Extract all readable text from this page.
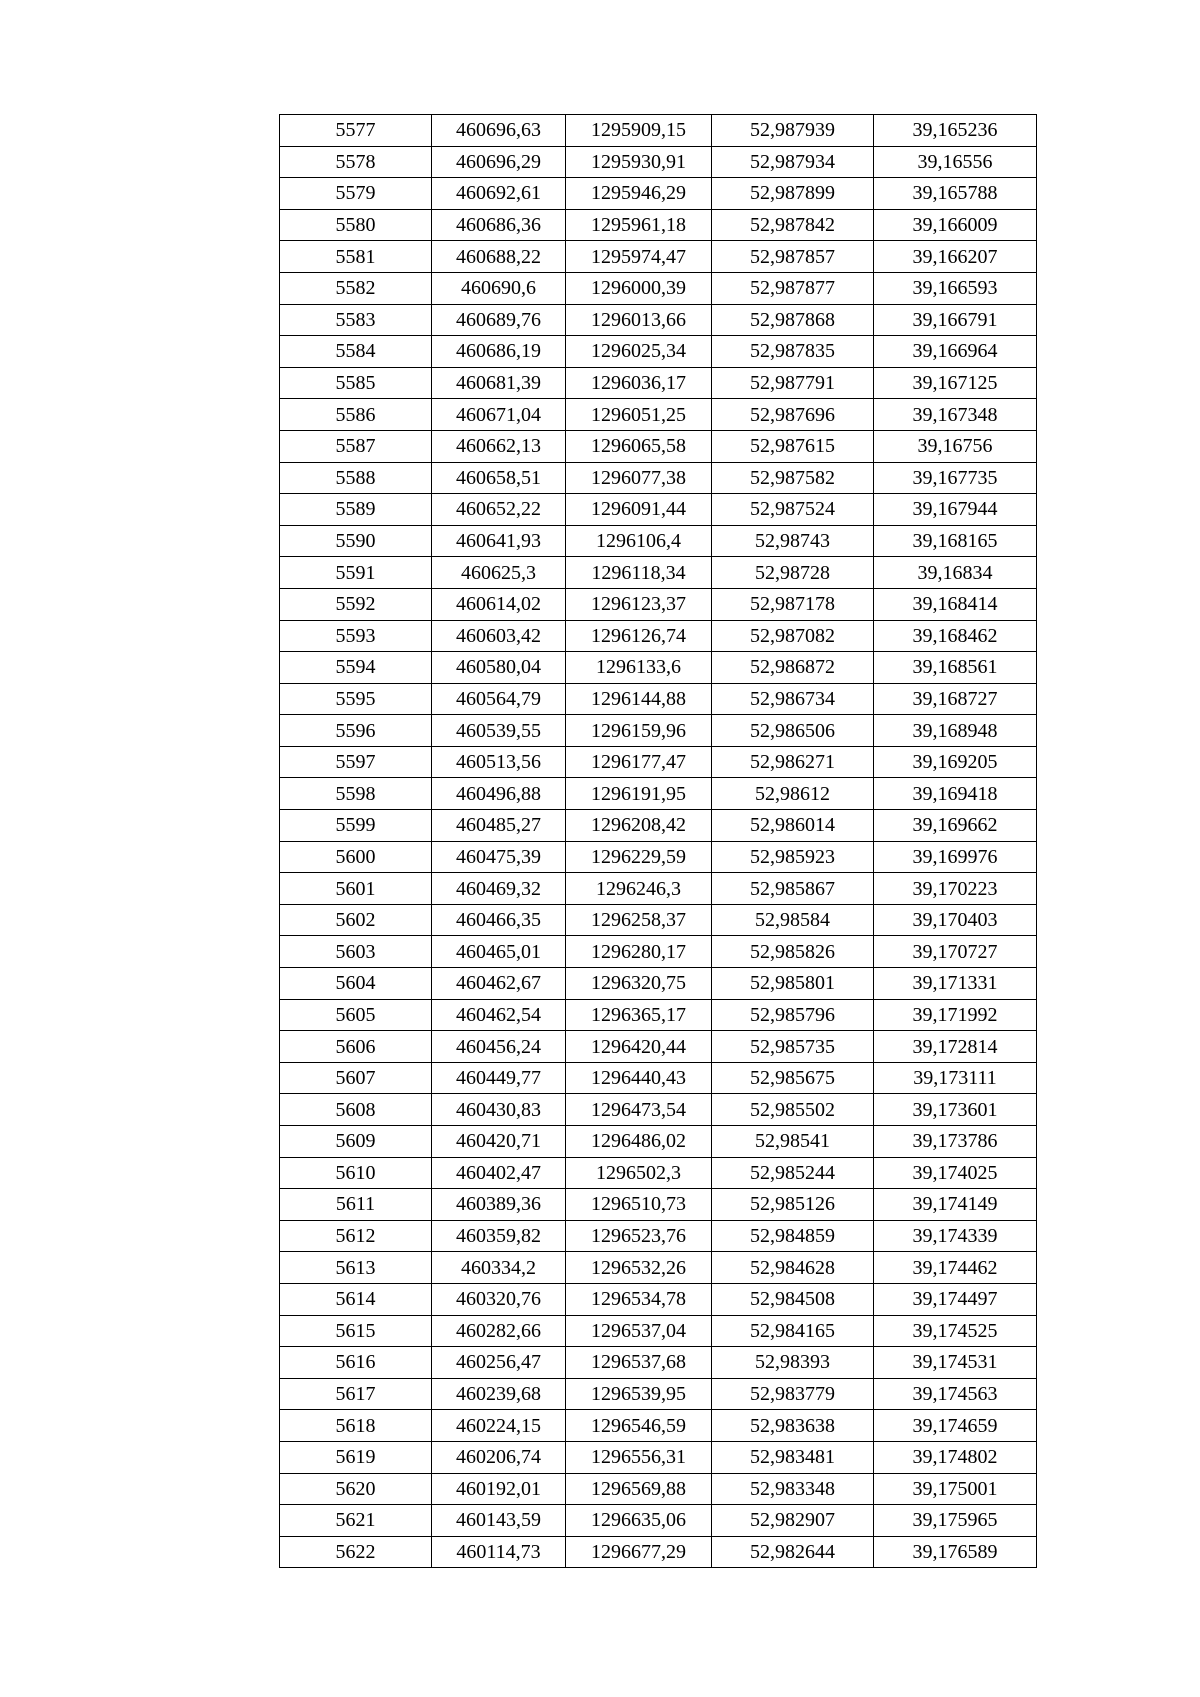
5577	460696,63	1295909,15	52,987939	39,165236
5578	460696,29	1295930,91	52,987934	39,16556
5579	460692,61	1295946,29	52,987899	39,165788
5580	460686,36	1295961,18	52,987842	39,166009
5581	460688,22	1295974,47	52,987857	39,166207
5582	460690,6	1296000,39	52,987877	39,166593
5583	460689,76	1296013,66	52,987868	39,166791
5584	460686,19	1296025,34	52,987835	39,166964
5585	460681,39	1296036,17	52,987791	39,167125
5586	460671,04	1296051,25	52,987696	39,167348
5587	460662,13	1296065,58	52,987615	39,16756
5588	460658,51	1296077,38	52,987582	39,167735
5589	460652,22	1296091,44	52,987524	39,167944
5590	460641,93	1296106,4	52,98743	39,168165
5591	460625,3	1296118,34	52,98728	39,16834
5592	460614,02	1296123,37	52,987178	39,168414
5593	460603,42	1296126,74	52,987082	39,168462
5594	460580,04	1296133,6	52,986872	39,168561
5595	460564,79	1296144,88	52,986734	39,168727
5596	460539,55	1296159,96	52,986506	39,168948
5597	460513,56	1296177,47	52,986271	39,169205
5598	460496,88	1296191,95	52,98612	39,169418
5599	460485,27	1296208,42	52,986014	39,169662
5600	460475,39	1296229,59	52,985923	39,169976
5601	460469,32	1296246,3	52,985867	39,170223
5602	460466,35	1296258,37	52,98584	39,170403
5603	460465,01	1296280,17	52,985826	39,170727
5604	460462,67	1296320,75	52,985801	39,171331
5605	460462,54	1296365,17	52,985796	39,171992
5606	460456,24	1296420,44	52,985735	39,172814
5607	460449,77	1296440,43	52,985675	39,173111
5608	460430,83	1296473,54	52,985502	39,173601
5609	460420,71	1296486,02	52,98541	39,173786
5610	460402,47	1296502,3	52,985244	39,174025
5611	460389,36	1296510,73	52,985126	39,174149
5612	460359,82	1296523,76	52,984859	39,174339
5613	460334,2	1296532,26	52,984628	39,174462
5614	460320,76	1296534,78	52,984508	39,174497
5615	460282,66	1296537,04	52,984165	39,174525
5616	460256,47	1296537,68	52,98393	39,174531
5617	460239,68	1296539,95	52,983779	39,174563
5618	460224,15	1296546,59	52,983638	39,174659
5619	460206,74	1296556,31	52,983481	39,174802
5620	460192,01	1296569,88	52,983348	39,175001
5621	460143,59	1296635,06	52,982907	39,175965
5622	460114,73	1296677,29	52,982644	39,176589
